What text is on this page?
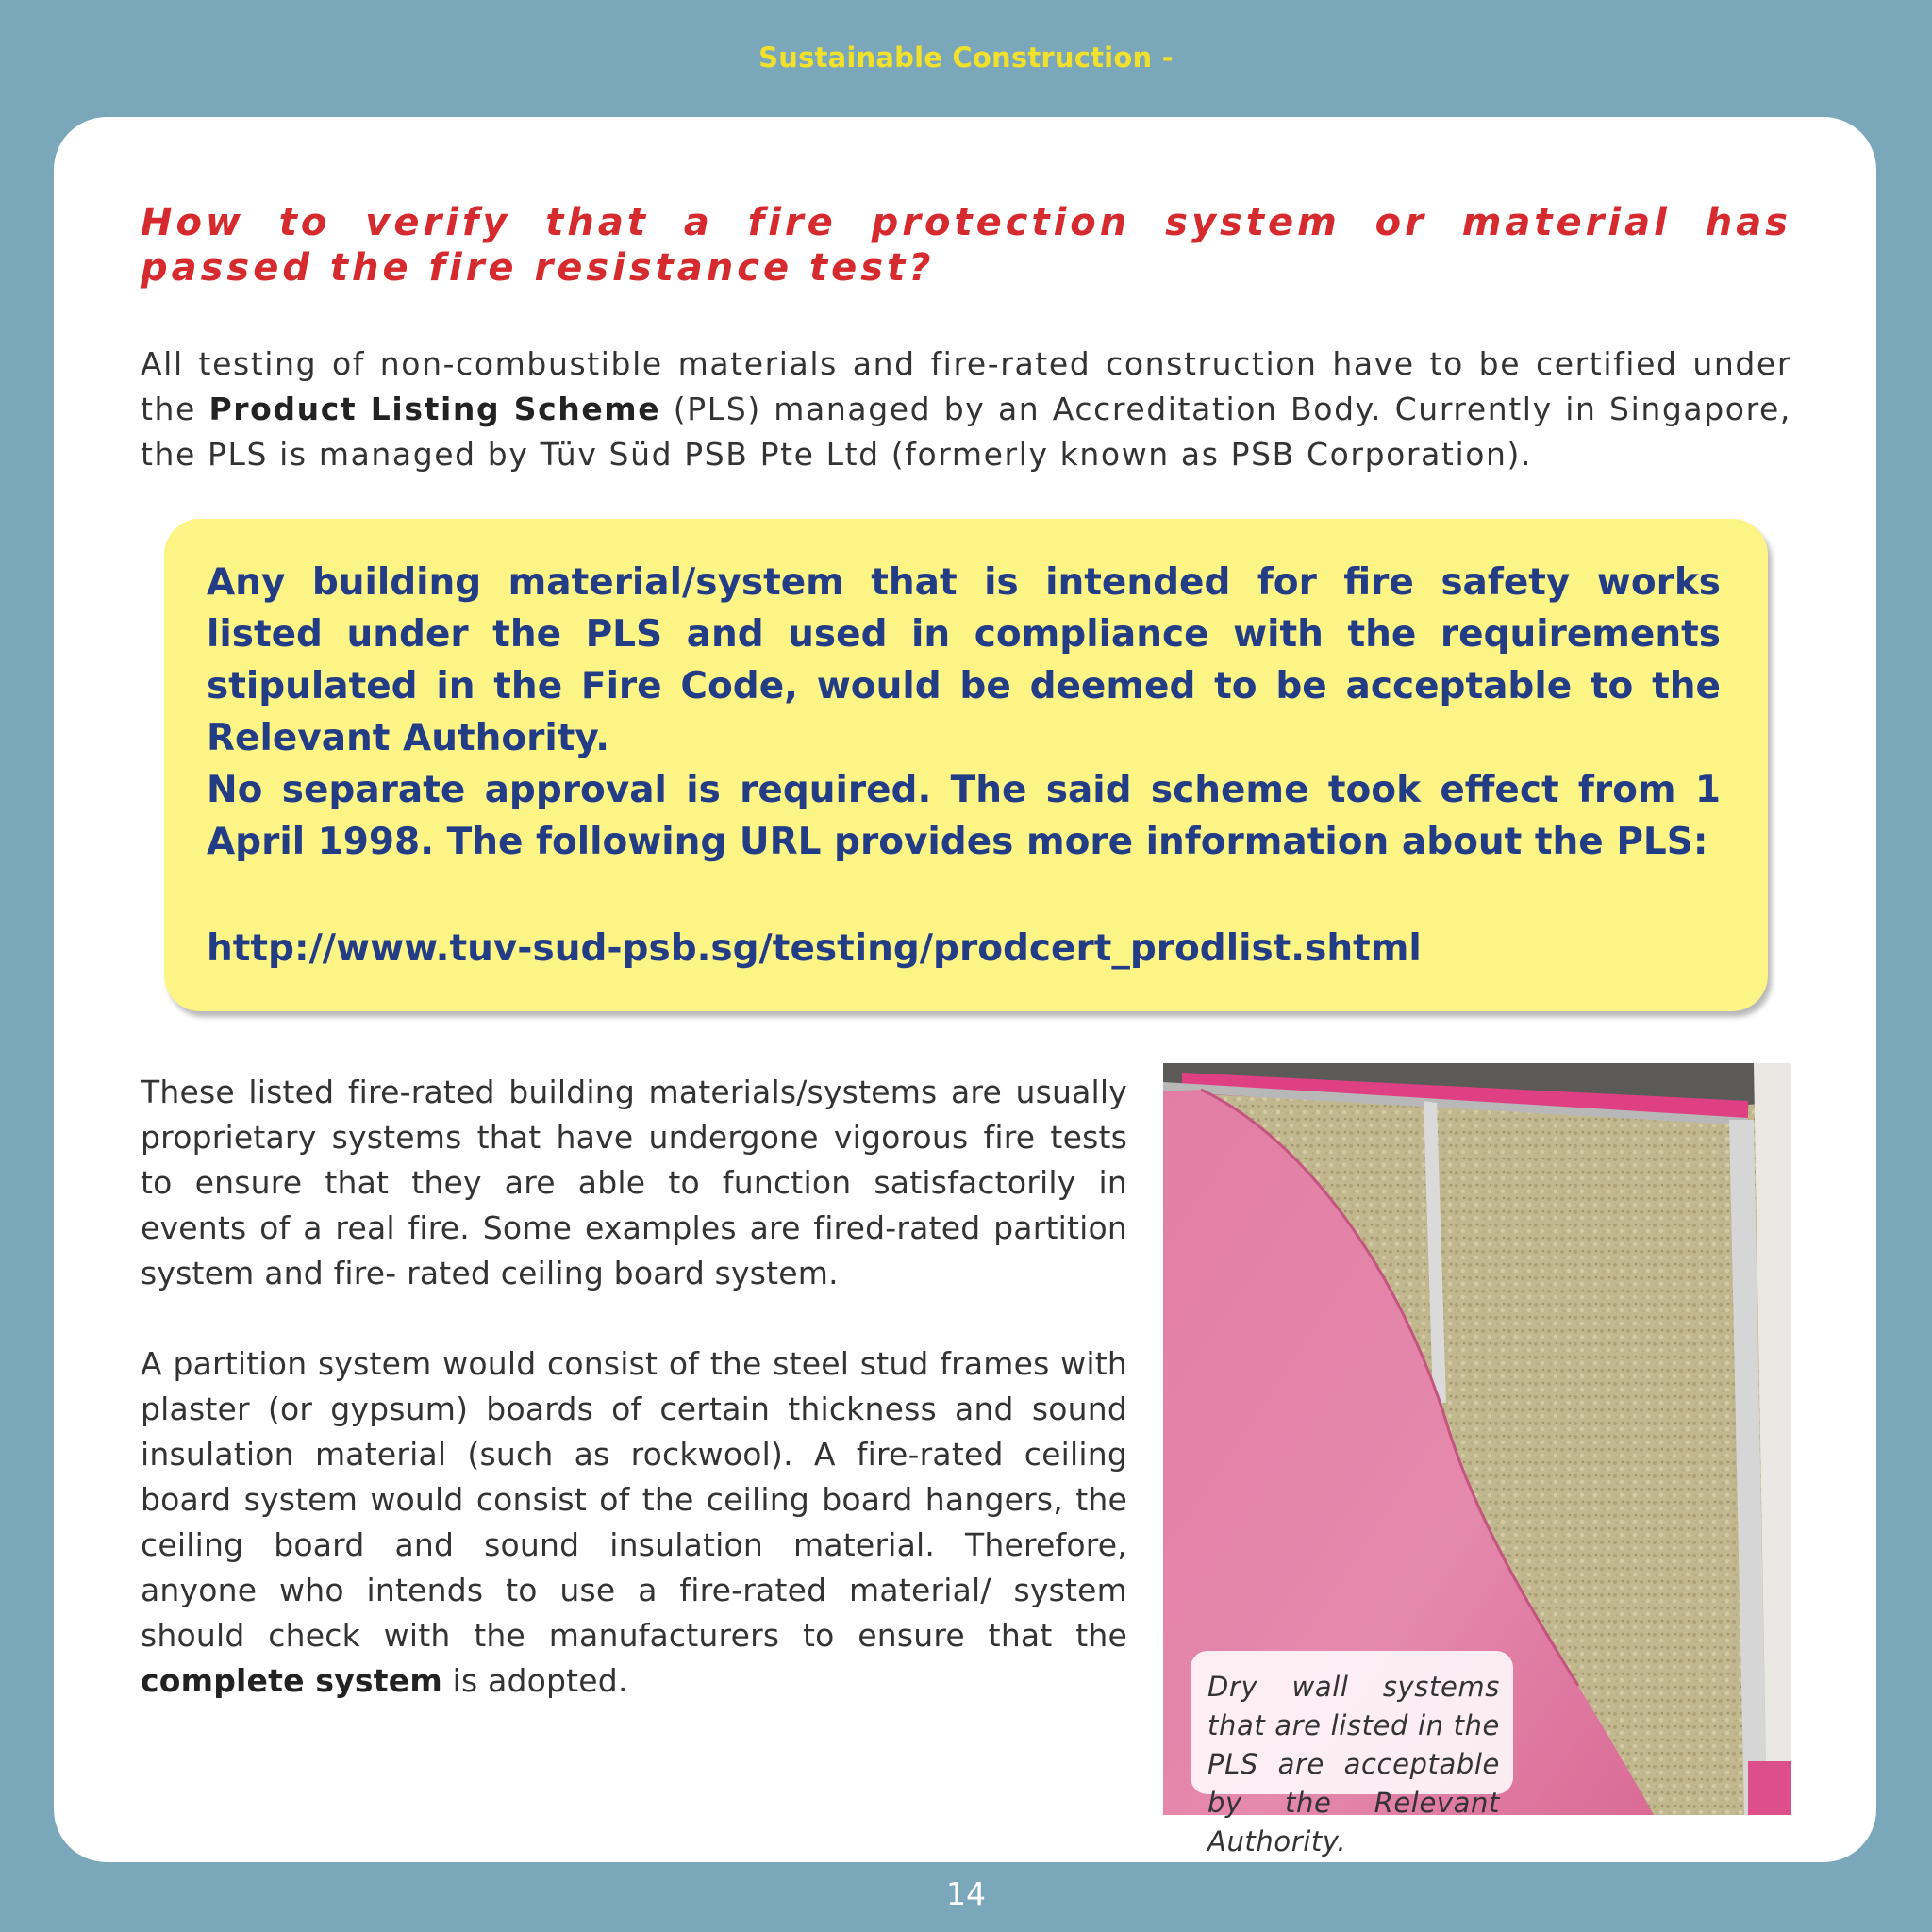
Sustainable Construction -

How to verify that a fire protection system or material has passed the fire resistance test?

All testing of non-combustible materials and fire-rated construction have to be certified under the Product Listing Scheme (PLS) managed by an Accreditation Body. Currently in Singapore, the PLS is managed by Tüv Süd PSB Pte Ltd (formerly known as PSB Corporation).

Any building material/system that is intended for fire safety works listed under the PLS and used in compliance with the requirements stipulated in the Fire Code, would be deemed to be acceptable to the Relevant Authority.

No separate approval is required. The said scheme took effect from 1 April 1998. The following URL provides more information about the PLS:

http://www.tuv-sud-psb.sg/testing/prodcert_prodlist.shtml

These listed fire-rated building materials/systems are usually proprietary systems that have undergone vigorous fire tests to ensure that they are able to function satisfactorily in events of a real fire. Some examples are fired-rated partition system and fire- rated ceiling board system.

A partition system would consist of the steel stud frames with plaster (or gypsum) boards of certain thickness and sound insulation material (such as rockwool). A fire-rated ceiling board system would consist of the ceiling board hangers, the ceiling board and sound insulation material. Therefore, anyone who intends to use a fire-rated material/ system should check with the manufacturers to ensure that the complete system is adopted.	Dry wall systems that are listed in the PLS are acceptable by the Relevant Authority.

14
